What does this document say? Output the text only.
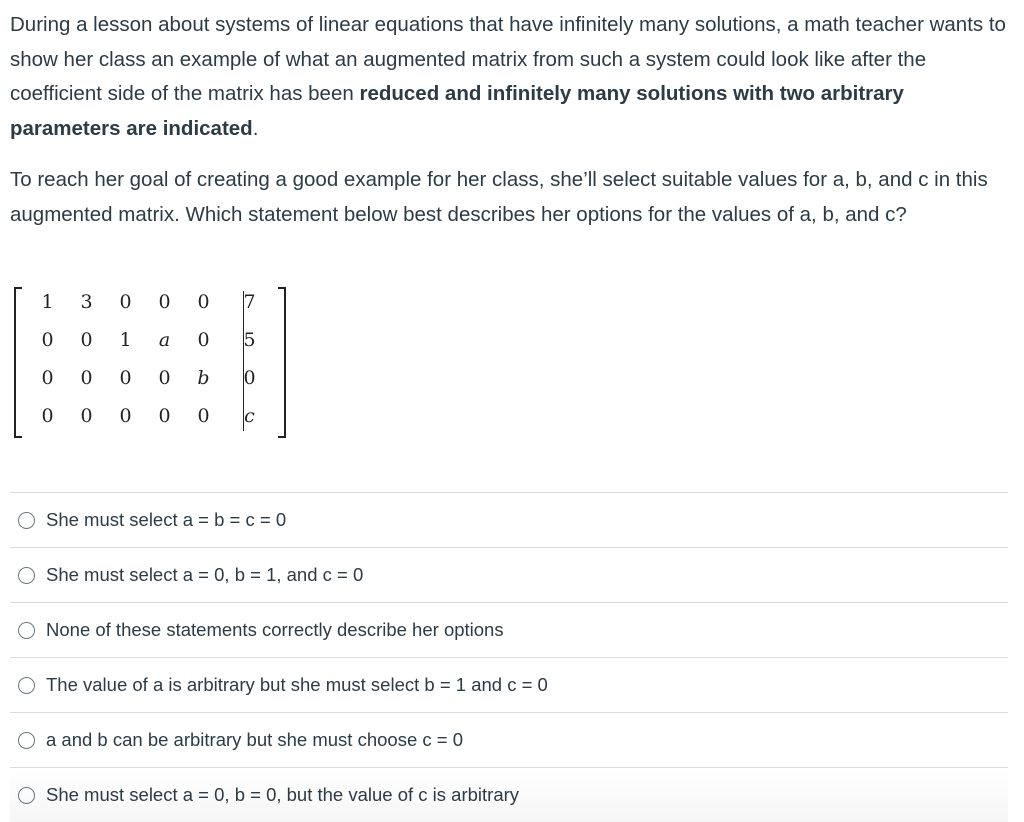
During a lesson about systems of linear equations that have infinitely many solutions, a math teacher wants to show her class an example of what an augmented matrix from such a system could look like after the coefficient side of the matrix has been reduced and infinitely many solutions with two arbitrary parameters are indicated.

To reach her goal of creating a good example for her class, she’ll select suitable values for a, b, and c in this augmented matrix. Which statement below best describes her options for the values of a, b, and c?

1	3	0	0	0	7
0	0	1	a	0	5
0	0	0	0	b	0
0	0	0	0	0	c
She must select a = b = c = 0
She must select a = 0, b = 1, and c = 0
None of these statements correctly describe her options
The value of a is arbitrary but she must select b = 1 and c = 0
a and b can be arbitrary but she must choose c = 0
She must select a = 0, b = 0, but the value of c is arbitrary
